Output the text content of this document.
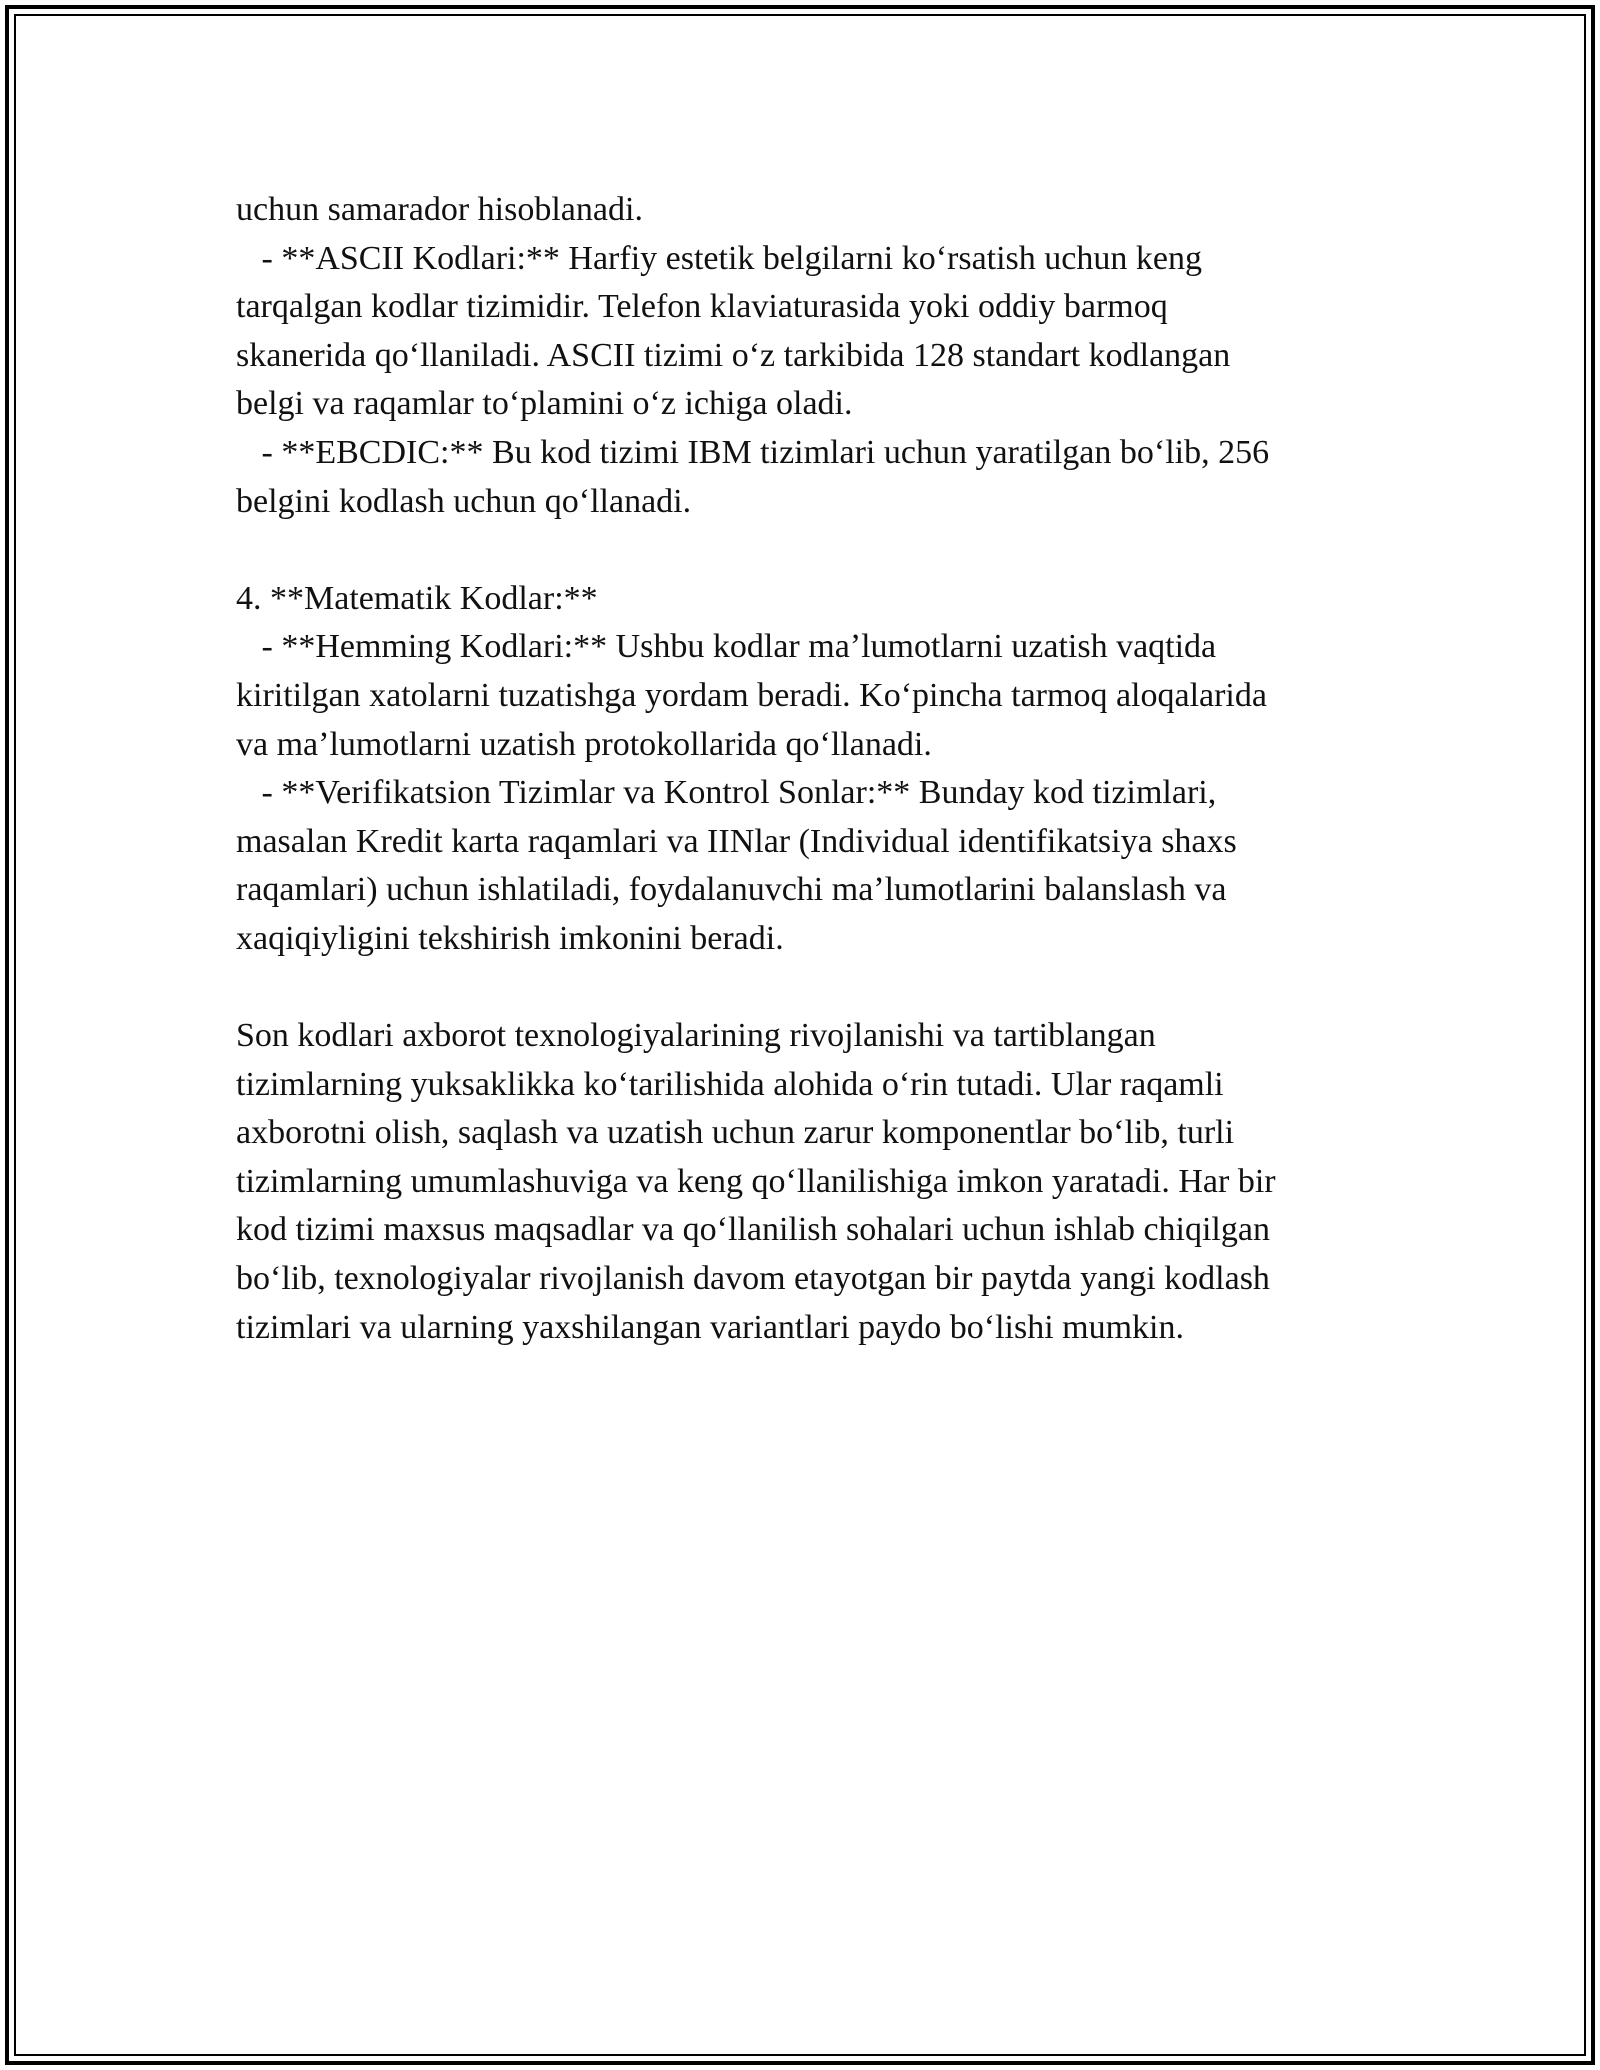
uchun samarador hisoblanadi.
- **ASCII Kodlari:** Harfiy estetik belgilarni koʻrsatish uchun keng
tarqalgan kodlar tizimidir. Telefon klaviaturasida yoki oddiy barmoq
skanerida qoʻllaniladi. ASCII tizimi oʻz tarkibida 128 standart kodlangan
belgi va raqamlar toʻplamini oʻz ichiga oladi.
- **EBCDIC:** Bu kod tizimi IBM tizimlari uchun yaratilgan boʻlib, 256
belgini kodlash uchun qoʻllanadi.
4. **Matematik Kodlar:**
- **Hemming Kodlari:** Ushbu kodlar maʼlumotlarni uzatish vaqtida
kiritilgan xatolarni tuzatishga yordam beradi. Koʻpincha tarmoq aloqalarida
va maʼlumotlarni uzatish protokollarida qoʻllanadi.
- **Verifikatsion Tizimlar va Kontrol Sonlar:** Bunday kod tizimlari,
masalan Kredit karta raqamlari va IINlar (Individual identifikatsiya shaxs
raqamlari) uchun ishlatiladi, foydalanuvchi maʼlumotlarini balanslash va
xaqiqiyligini tekshirish imkonini beradi.
Son kodlari axborot texnologiyalarining rivojlanishi va tartiblangan
tizimlarning yuksaklikka koʻtarilishida alohida oʻrin tutadi. Ular raqamli
axborotni olish, saqlash va uzatish uchun zarur komponentlar boʻlib, turli
tizimlarning umumlashuviga va keng qoʻllanilishiga imkon yaratadi. Har bir
kod tizimi maxsus maqsadlar va qoʻllanilish sohalari uchun ishlab chiqilgan
boʻlib, texnologiyalar rivojlanish davom etayotgan bir paytda yangi kodlash
tizimlari va ularning yaxshilangan variantlari paydo boʻlishi mumkin.
